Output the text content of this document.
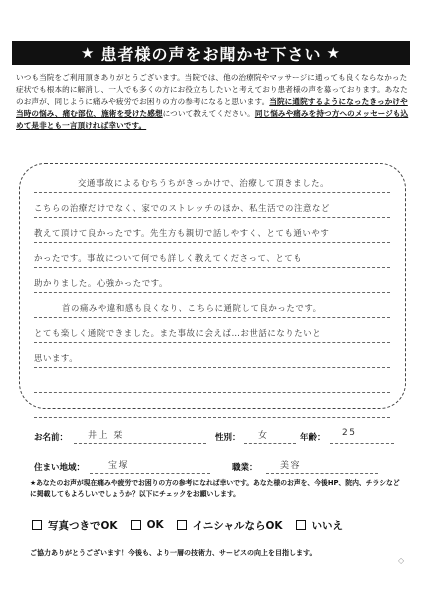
★ 患者様の声をお聞かせ下さい ★
いつも当院をご利用頂きありがとうございます。当院では、他の治療院やマッサージに通っても良くならなかった症状でも根本的に解消し、一人でも多くの方にお役立ちしたいと考えており患者様の声を募っております。あなたのお声が、同じように痛みや疲労でお困りの方の参考になると思います。当院に通院するようになったきっかけや当時の悩み、痛む部位、施術を受けた感想について教えてください。同じ悩みや痛みを持つ方へのメッセージも込めて是非とも一言頂ければ幸いです。
交通事故によるむちうちがきっかけで、治療して頂きました。
こちらの治療だけでなく、家でのストレッチのほか、私生活での注意など
教えて頂けて良かったです。先生方も親切で話しやすく、とても通いやす
かったです。事故について何でも詳しく教えてくださって、とても
助かりました。心強かったです。
首の痛みや違和感も良くなり、こちらに通院して良かったです。
とても楽しく通院できました。また事故に会えば…お世話になりたいと
思います。
お名前： 井上 栞	性別： 女	年齢： 25
住まい地域：	宝塚	職業： 美容
★あなたのお声が現在痛みや疲労でお困りの方の参考になれば幸いです。あなた様のお声を、今後HP、院内、チラシなどに掲載してもよろしいでしょうか？以下にチェックをお願いします。
写真つきでOK	OK	イニシャルならOK	いいえ
ご協力ありがとうございます！今後も、より一層の技術力、サービスの向上を目指します。
◇
